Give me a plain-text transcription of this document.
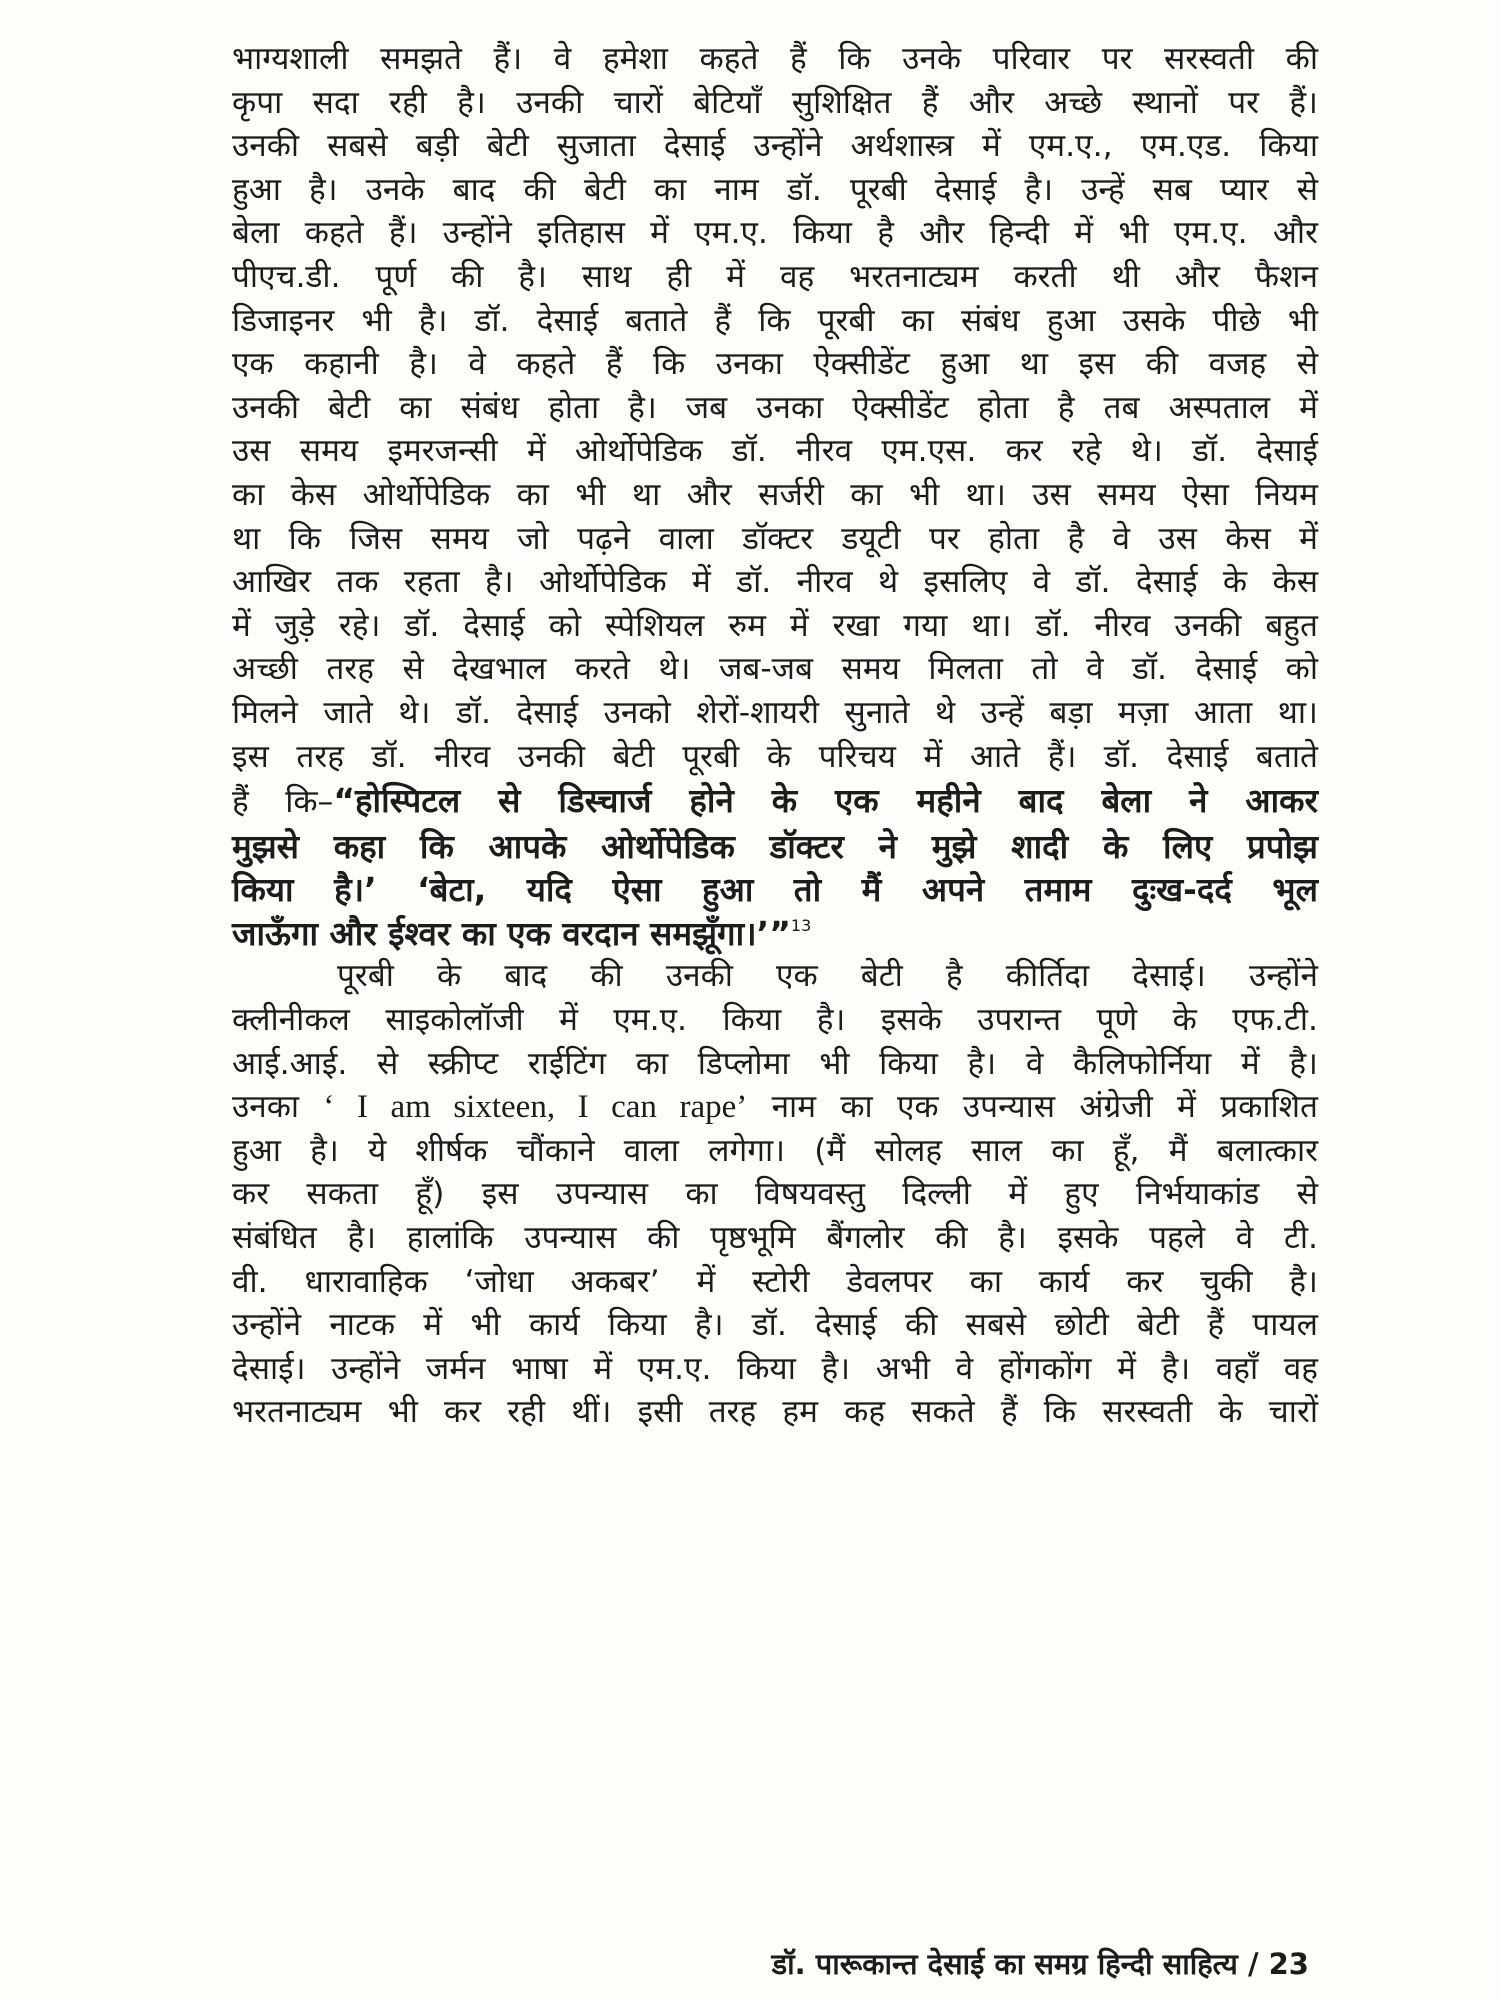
भाग्यशाली समझते हैं। वे हमेशा कहते हैं कि उनके परिवार पर सरस्वती की

कृपा सदा रही है। उनकी चारों बेटियाँ सुशिक्षित हैं और अच्छे स्थानों पर हैं।

उनकी सबसे बड़ी बेटी सुजाता देसाई उन्होंने अर्थशास्त्र में एम.ए., एम.एड. किया

हुआ है। उनके बाद की बेटी का नाम डॉ. पूरबी देसाई है। उन्हें सब प्यार से

बेला कहते हैं। उन्होंने इतिहास में एम.ए. किया है और हिन्दी में भी एम.ए. और

पीएच.डी. पूर्ण की है। साथ ही में वह भरतनाट्यम करती थी और फैशन

डिजाइनर भी है। डॉ. देसाई बताते हैं कि पूरबी का संबंध हुआ उसके पीछे भी

एक कहानी है। वे कहते हैं कि उनका ऐक्सीडेंट हुआ था इस की वजह से

उनकी बेटी का संबंध होता है। जब उनका ऐक्सीडेंट होता है तब अस्पताल में

उस समय इमरजन्सी में ओर्थोपेडिक डॉ. नीरव एम.एस. कर रहे थे। डॉ. देसाई

का केस ओर्थोपेडिक का भी था और सर्जरी का भी था। उस समय ऐसा नियम

था कि जिस समय जो पढ़ने वाला डॉक्टर डयूटी पर होता है वे उस केस में

आखिर तक रहता है। ओर्थोपेडिक में डॉ. नीरव थे इसलिए वे डॉ. देसाई के केस

में जुड़े रहे। डॉ. देसाई को स्पेशियल रुम में रखा गया था। डॉ. नीरव उनकी बहुत

अच्छी तरह से देखभाल करते थे। जब-जब समय मिलता तो वे डॉ. देसाई को

मिलने जाते थे। डॉ. देसाई उनको शेरों-शायरी सुनाते थे उन्हें बड़ा मज़ा आता था।

इस तरह डॉ. नीरव उनकी बेटी पूरबी के परिचय में आते हैं। डॉ. देसाई बताते

हैं कि–“होस्पिटल से डिस्चार्ज होने के एक महीने बाद बेला ने आकर

मुझसे कहा कि आपके ओर्थोपेडिक डॉक्टर ने मुझे शादी के लिए प्रपोझ

किया है।’ ‘बेटा, यदि ऐसा हुआ तो मैं अपने तमाम दुःख-दर्द भूल

जाऊँगा और ईश्वर का एक वरदान समझूँगा।’”$^{13}$

पूरबी के बाद की उनकी एक बेटी है कीर्तिदा देसाई। उन्होंने

क्लीनीकल साइकोलॉजी में एम.ए. किया है। इसके उपरान्त पूणे के एफ.टी.

आई.आई. से स्क्रीप्ट राईटिंग का डिप्लोमा भी किया है। वे कैलिफोर्निया में है।

उनका ‘ I am sixteen, I can rape’ नाम का एक उपन्यास अंग्रेजी में प्रकाशित

हुआ है। ये शीर्षक चौंकाने वाला लगेगा। (मैं सोलह साल का हूँ, मैं बलात्कार

कर सकता हूँ) इस उपन्यास का विषयवस्तु दिल्ली में हुए निर्भयाकांड से

संबंधित है। हालांकि उपन्यास की पृष्ठभूमि बैंगलोर की है। इसके पहले वे टी.

वी. धारावाहिक ‘जोधा अकबर’ में स्टोरी डेवलपर का कार्य कर चुकी है।

उन्होंने नाटक में भी कार्य किया है। डॉ. देसाई की सबसे छोटी बेटी हैं पायल

देसाई। उन्होंने जर्मन भाषा में एम.ए. किया है। अभी वे होंगकोंग में है। वहाँ वह

भरतनाट्यम भी कर रही थीं। इसी तरह हम कह सकते हैं कि सरस्वती के चारों

डॉ. पारूकान्त देसाई का समग्र हिन्दी साहित्य / 23
